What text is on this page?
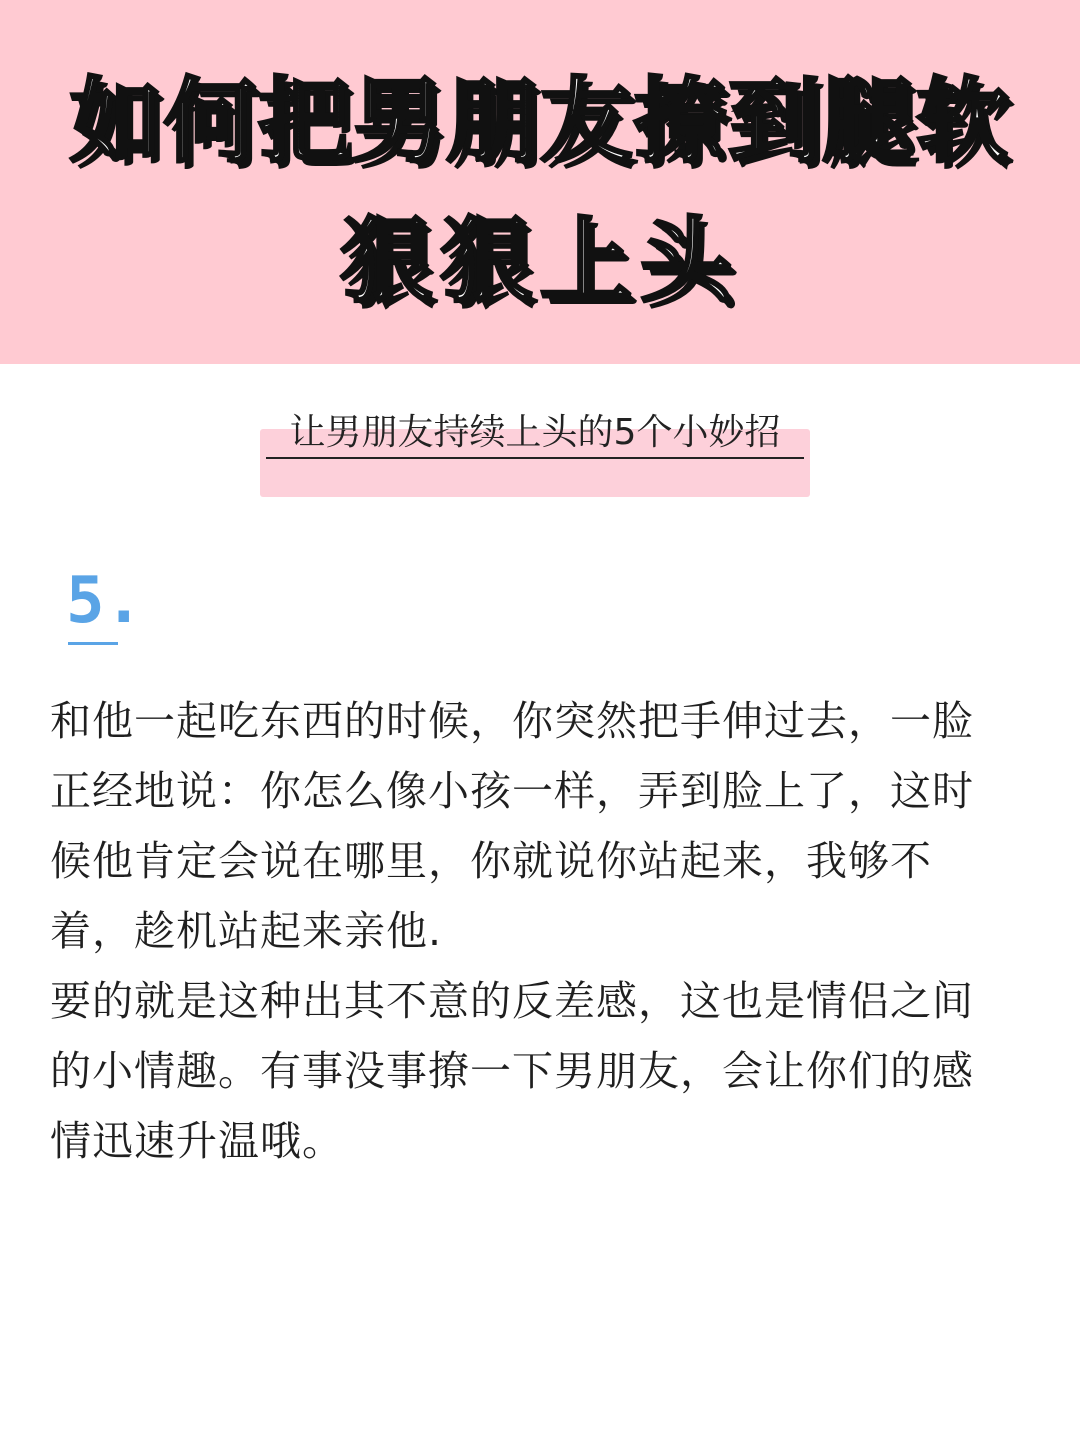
如何把男朋友撩到腿软
狠狠上头
让男朋友持续上头的5个小妙招
5.

和他一起吃东西的时候，你突然把手伸过去，一脸正经地说：你怎么像小孩一样，弄到脸上了，这时候他肯定会说在哪里，你就说你站起来，我够不着，趁机站起来亲他.

要的就是这种出其不意的反差感，这也是情侣之间的小情趣。有事没事撩一下男朋友，会让你们的感情迅速升温哦。
